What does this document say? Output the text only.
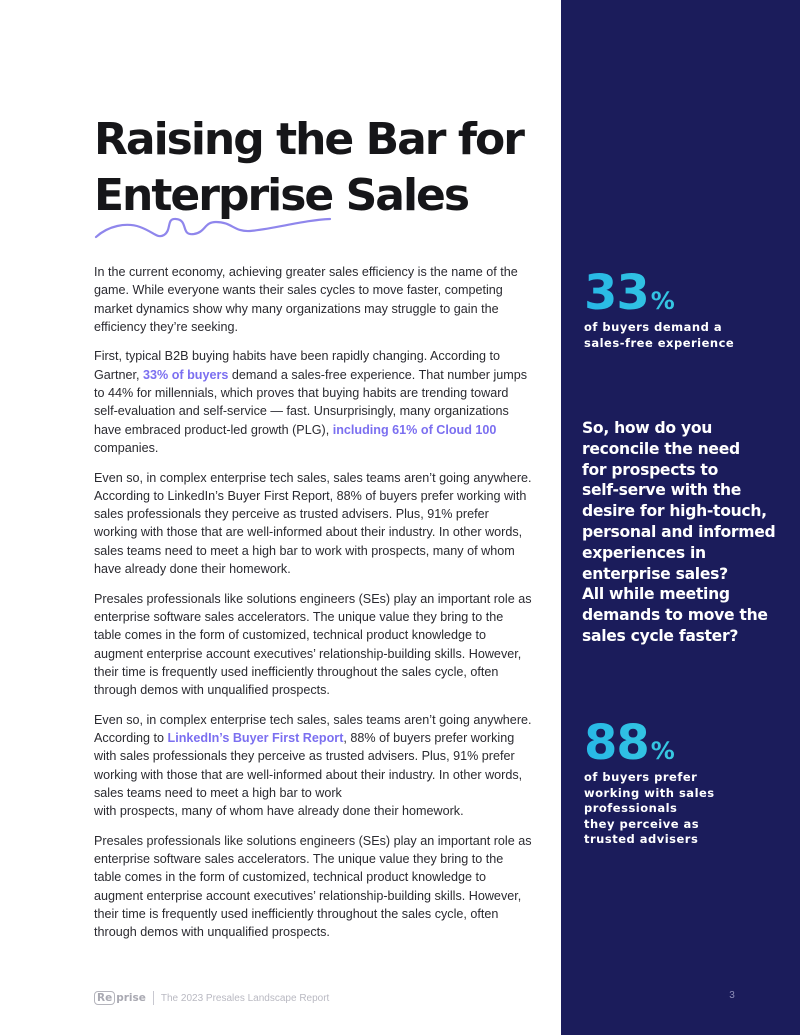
Raising the Bar for
Enterprise Sales

In the current economy, achieving greater sales efficiency is the name of the game. While everyone wants their sales cycles to move faster, competing market dynamics show why many organizations may struggle to gain the efficiency they’re seeking.

First, typical B2B buying habits have been rapidly changing. According to Gartner, 33% of buyers demand a sales-free experience. That number jumps to 44% for millennials, which proves that buying habits are trending toward self-evaluation and self-service — fast. Unsurprisingly, many organizations have embraced product-led growth (PLG), including 61% of Cloud 100 companies.

Even so, in complex enterprise tech sales, sales teams aren’t going anywhere. According to LinkedIn’s Buyer First Report, 88% of buyers prefer working with sales professionals they perceive as trusted advisers. Plus, 91% prefer working with those that are well-informed about their industry. In other words, sales teams need to meet a high bar to work with prospects, many of whom have already done their homework.

Presales professionals like solutions engineers (SEs) play an important role as enterprise software sales accelerators. The unique value they bring to the table comes in the form of customized, technical product knowledge to augment enterprise account executives’ relationship-building skills. However, their time is frequently used inefficiently throughout the sales cycle, often through demos with unqualified prospects.

Even so, in complex enterprise tech sales, sales teams aren’t going anywhere. According to LinkedIn’s Buyer First Report, 88% of buyers prefer working with sales professionals they perceive as trusted advisers. Plus, 91% prefer working with those that are well-informed about their industry. In other words, sales teams need to meet a high bar to work
with prospects, many of whom have already done their homework.

Presales professionals like solutions engineers (SEs) play an important role as enterprise software sales accelerators. The unique value they bring to the table comes in the form of customized, technical product knowledge to augment enterprise account executives’ relationship-building skills. However, their time is frequently used inefficiently throughout the sales cycle, often through demos with unqualified prospects.

33 %
of buyers demand a
sales-free experience
So, how do you
reconcile the need
for prospects to
self-serve with the
desire for high-touch,
personal and informed
experiences in
enterprise sales?
All while meeting
demands to move the
sales cycle faster?
88 %
of buyers prefer
working with sales
professionals
they perceive as
trusted advisers
Re prise The 2023 Presales Landscape Report	3
